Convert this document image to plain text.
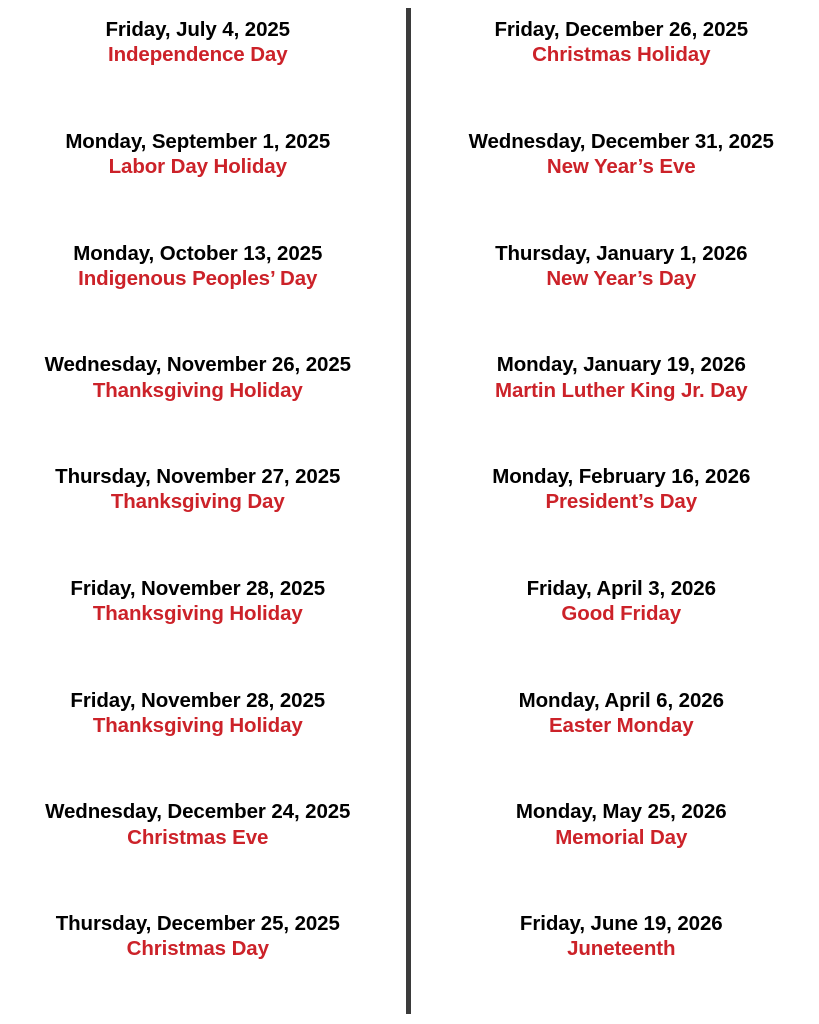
Friday, July 4, 2025
Independence Day
Monday, September 1, 2025
Labor Day Holiday
Monday, October 13, 2025
Indigenous Peoples’ Day
Wednesday, November 26, 2025
Thanksgiving Holiday
Thursday, November 27, 2025
Thanksgiving Day
Friday, November 28, 2025
Thanksgiving Holiday
Friday, November 28, 2025
Thanksgiving Holiday
Wednesday, December 24, 2025
Christmas Eve
Thursday, December 25, 2025
Christmas Day
Friday, December 26, 2025
Christmas Holiday
Wednesday, December 31, 2025
New Year’s Eve
Thursday, January 1, 2026
New Year’s Day
Monday, January 19, 2026
Martin Luther King Jr. Day
Monday, February 16, 2026
President’s Day
Friday, April 3, 2026
Good Friday
Monday, April 6, 2026
Easter Monday
Monday, May 25, 2026
Memorial Day
Friday, June 19, 2026
Juneteenth
